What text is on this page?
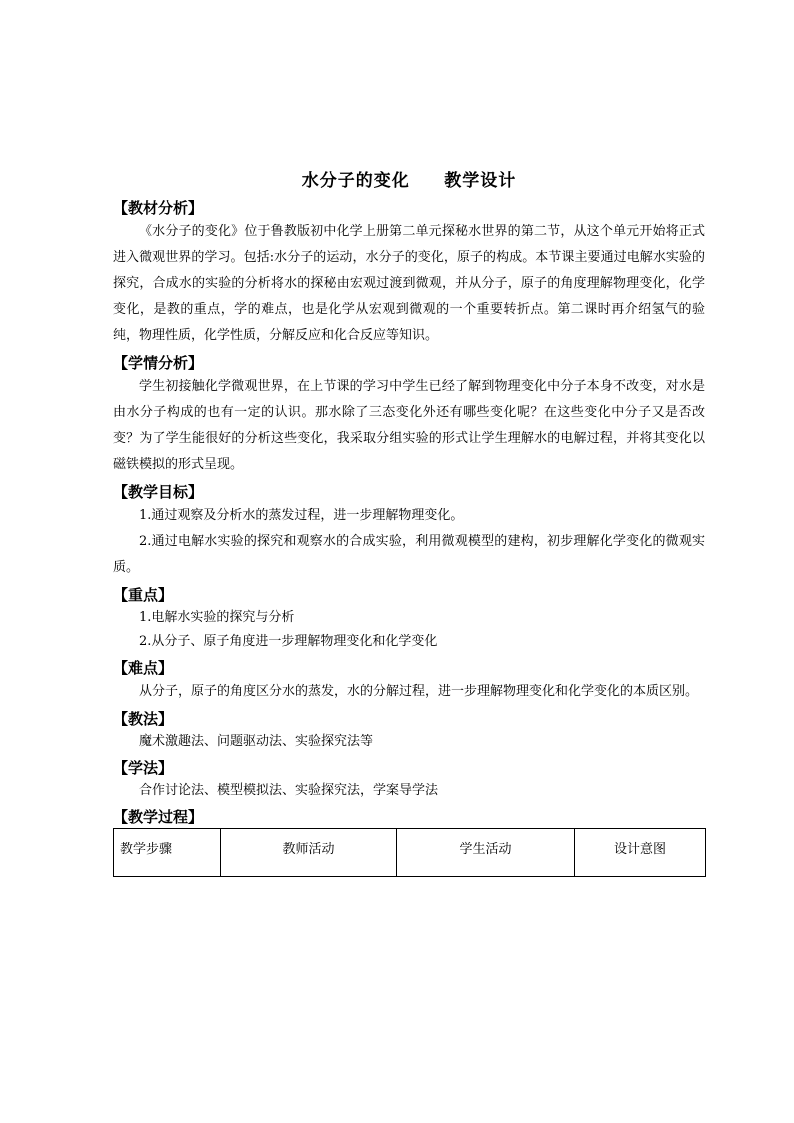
水分子的变化     教学设计
【教材分析】
《水分子的变化》位于鲁教版初中化学上册第二单元探秘水世界的第二节，从这个单元开始将正式进入微观世界的学习。包括:水分子的运动，水分子的变化，原子的构成。本节课主要通过电解水实验的探究，合成水的实验的分析将水的探秘由宏观过渡到微观，并从分子，原子的角度理解物理变化，化学变化，是教的重点，学的难点，也是化学从宏观到微观的一个重要转折点。第二课时再介绍氢气的验纯，物理性质，化学性质，分解反应和化合反应等知识。
【学情分析】
学生初接触化学微观世界，在上节课的学习中学生已经了解到物理变化中分子本身不改变，对水是由水分子构成的也有一定的认识。那水除了三态变化外还有哪些变化呢？在这些变化中分子又是否改变？为了学生能很好的分析这些变化，我采取分组实验的形式让学生理解水的电解过程，并将其变化以磁铁模拟的形式呈现。
【教学目标】
1.通过观察及分析水的蒸发过程，进一步理解物理变化。
2.通过电解水实验的探究和观察水的合成实验，利用微观模型的建构，初步理解化学变化的微观实质。
【重点】
1.电解水实验的探究与分析
2.从分子、原子角度进一步理解物理变化和化学变化
【难点】
从分子，原子的角度区分水的蒸发，水的分解过程，进一步理解物理变化和化学变化的本质区别。
【教法】
魔术激趣法、问题驱动法、实验探究法等
【学法】
合作讨论法、模型模拟法、实验探究法，学案导学法
【教学过程】
教学步骤	教师活动	学生活动	设计意图
